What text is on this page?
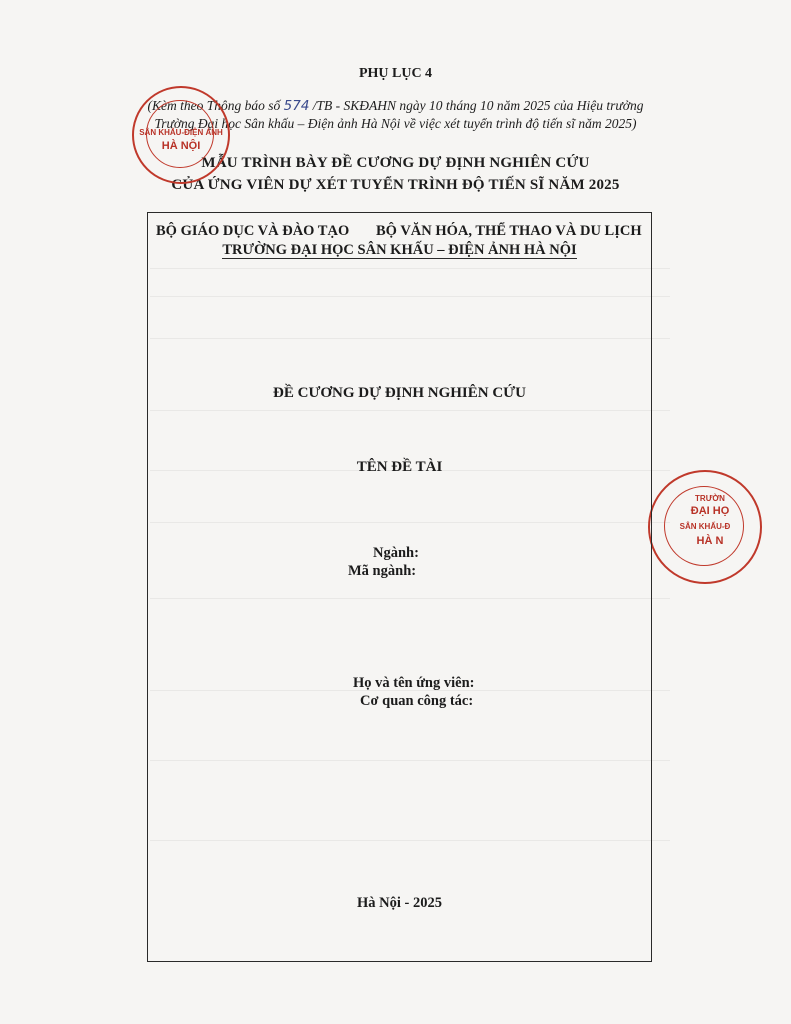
PHỤ LỤC 4
(Kèm theo Thông báo số 574 /TB - SKĐAHN ngày 10 tháng 10 năm 2025 của Hiệu trưởng
Trường Đại học Sân khấu – Điện ảnh Hà Nội về việc xét tuyển trình độ tiến sĩ năm 2025)
MẪU TRÌNH BÀY ĐỀ CƯƠNG DỰ ĐỊNH NGHIÊN CỨU
CỦA ỨNG VIÊN DỰ XÉT TUYỂN TRÌNH ĐỘ TIẾN SĨ NĂM 2025
SÂN KHẤU-ĐIỆN ẢNH
HÀ NỘI
TRƯỜN
ĐẠI HỌ
SÂN KHẤU-Đ
HÀ N
BỘ GIÁO DỤC VÀ ĐÀO TẠO BỘ VĂN HÓA, THỂ THAO VÀ DU LỊCH
TRƯỜNG ĐẠI HỌC SÂN KHẤU – ĐIỆN ẢNH HÀ NỘI
ĐỀ CƯƠNG DỰ ĐỊNH NGHIÊN CỨU
TÊN ĐỀ TÀI
Ngành:
Mã ngành:
Họ và tên ứng viên:
Cơ quan công tác:
Hà Nội - 2025
